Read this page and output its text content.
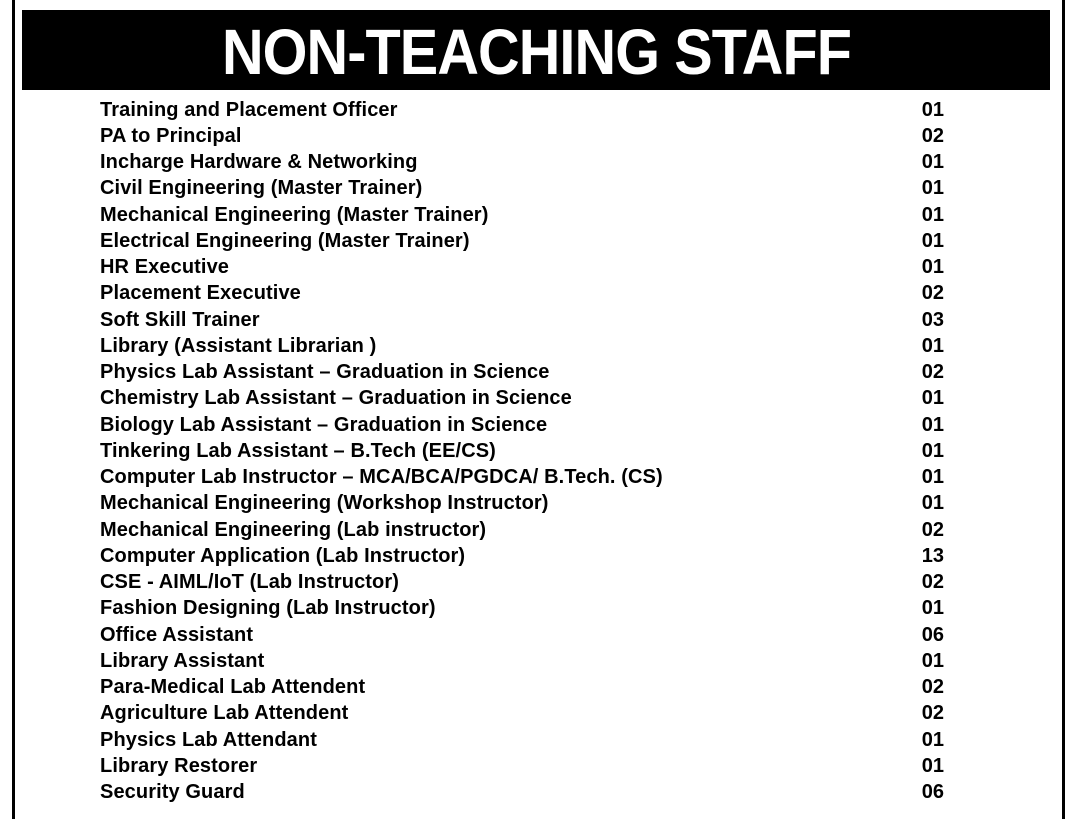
NON-TEACHING STAFF
Training and Placement Officer	01
PA to Principal	02
Incharge Hardware & Networking	01
Civil Engineering (Master Trainer)	01
Mechanical Engineering (Master Trainer)	01
Electrical Engineering (Master Trainer)	01
HR Executive	01
Placement Executive	02
Soft Skill Trainer	03
Library (Assistant Librarian )	01
Physics Lab Assistant – Graduation in Science	02
Chemistry Lab Assistant – Graduation in Science	01
Biology Lab Assistant – Graduation in Science	01
Tinkering Lab Assistant – B.Tech (EE/CS)	01
Computer Lab Instructor – MCA/BCA/PGDCA/ B.Tech. (CS)	01
Mechanical Engineering (Workshop Instructor)	01
Mechanical Engineering (Lab instructor)	02
Computer Application (Lab Instructor)	13
CSE - AIML/IoT (Lab Instructor)	02
Fashion Designing (Lab Instructor)	01
Office Assistant	06
Library Assistant	01
Para-Medical Lab Attendent	02
Agriculture Lab Attendent	02
Physics Lab Attendant	01
Library Restorer	01
Security Guard	06
